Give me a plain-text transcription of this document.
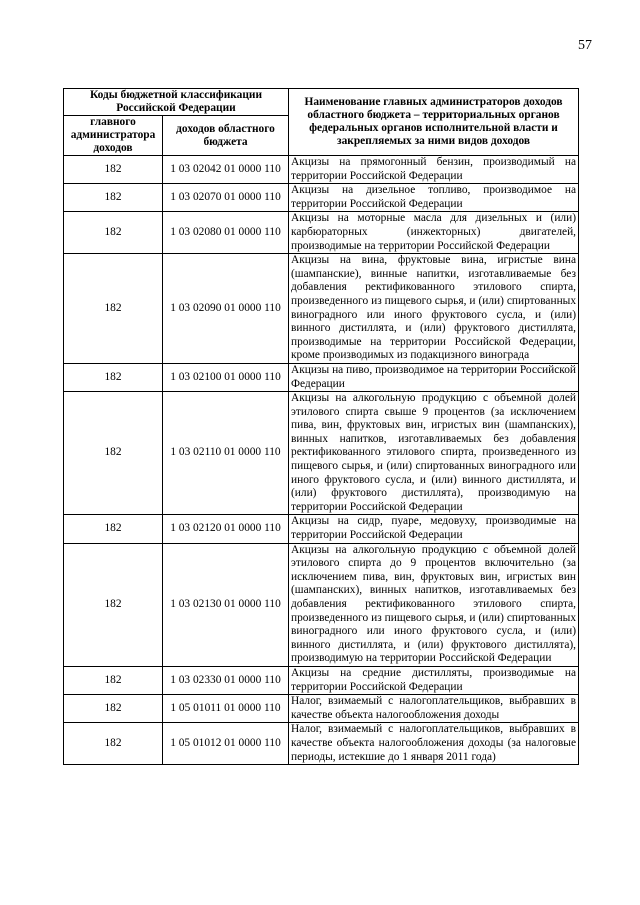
57
Коды бюджетной классификации Российской Федерации		Наименование главных администраторов доходов областного бюджета – территориальных органов федеральных органов исполнительной власти и закрепляемых за ними видов доходов
главного администратора доходов	доходов областного бюджета	
182	1 03 02042 01 0000 110	Акцизы на прямогонный бензин, производимый на территории Российской Федерации
182	1 03 02070 01 0000 110	Акцизы на дизельное топливо, производимое на территории Российской Федерации
182	1 03 02080 01 0000 110	Акцизы на моторные масла для дизельных и (или) карбюраторных (инжекторных) двигателей, производимые на территории Российской Федерации
182	1 03 02090 01 0000 110	Акцизы на вина, фруктовые вина, игристые вина (шампанские), винные напитки, изготавливаемые без добавления ректификованного этилового спирта, произведенного из пищевого сырья, и (или) спиртованных виноградного или иного фруктового сусла, и (или) винного дистиллята, и (или) фруктового дистиллята, производимые на территории Российской Федерации, кроме производимых из подакцизного винограда
182	1 03 02100 01 0000 110	Акцизы на пиво, производимое на территории Российской Федерации
182	1 03 02110 01 0000 110	Акцизы на алкогольную продукцию с объемной долей этилового спирта свыше 9 процентов (за исключением пива, вин, фруктовых вин, игристых вин (шампанских), винных напитков, изготавливаемых без добавления ректификованного этилового спирта, произведенного из пищевого сырья, и (или) спиртованных виноградного или иного фруктового сусла, и (или) винного дистиллята, и (или) фруктового дистиллята), производимую на территории Российской Федерации
182	1 03 02120 01 0000 110	Акцизы на сидр, пуаре, медовуху, производимые на территории Российской Федерации
182	1 03 02130 01 0000 110	Акцизы на алкогольную продукцию с объемной долей этилового спирта до 9 процентов включительно (за исключением пива, вин, фруктовых вин, игристых вин (шампанских), винных напитков, изготавливаемых без добавления ректификованного этилового спирта, произведенного из пищевого сырья, и (или) спиртованных виноградного или иного фруктового сусла, и (или) винного дистиллята, и (или) фруктового дистиллята), производимую на территории Российской Федерации
182	1 03 02330 01 0000 110	Акцизы на средние дистилляты, производимые на территории Российской Федерации
182	1 05 01011 01 0000 110	Налог, взимаемый с налогоплательщиков, выбравших в качестве объекта налогообложения доходы
182	1 05 01012 01 0000 110	Налог, взимаемый с налогоплательщиков, выбравших в качестве объекта налогообложения доходы (за налоговые периоды, истекшие до 1 января 2011 года)
